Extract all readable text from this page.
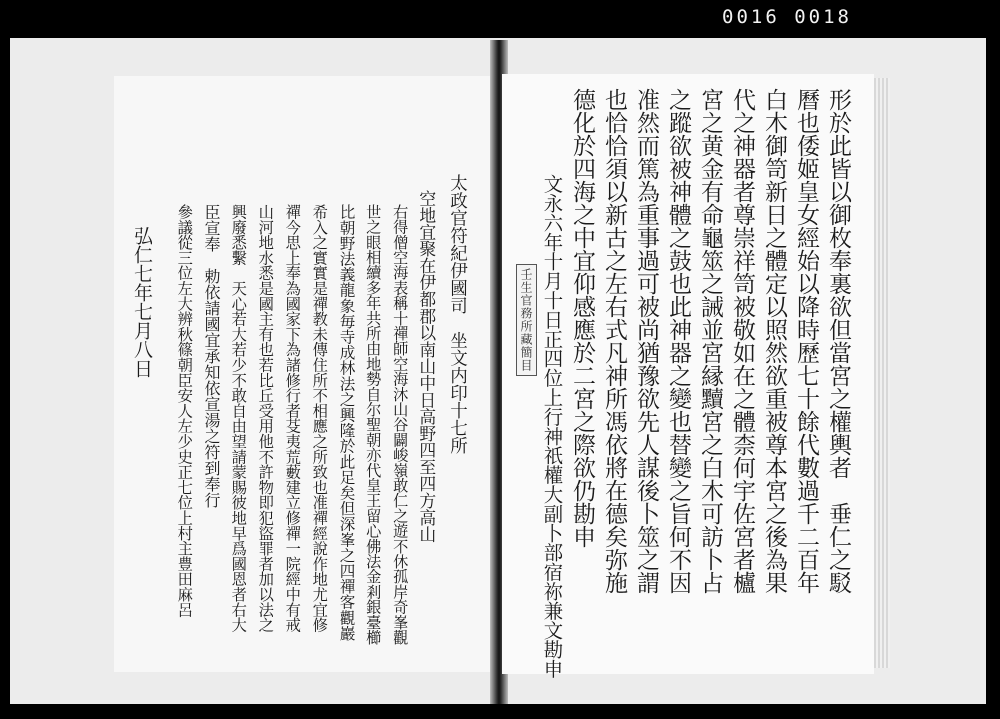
0016 0018
太政官符紀伊國司　坐文内印十七所
空地宜聚在伊都郡以南山中日高野四至四方高山
右得僧空海表稱十禪師空海沐山谷闢峻嶺敢仁之遊不休孤岸奇峯觀
世之眼相續多年共所由地勢自尔聖朝亦代皇王留心佛法金剎銀臺櫛
比朝野法義龍象毎寺成林法之興隆於此足矣但深峯之四禪客觀巖
希入之實實是禪教未傳住所不相應之所致也准禪經說作地尤宜修
禪今思上奉為國家下為諸修行者芟夷荒藪建立修禪一院經中有戒
山河地水悉是國主有也若比丘受用他不許物即犯盜罪者加以法之
興廢悉繫　天心若大若少不敢自由望請蒙賜彼地早爲國恩者右大
臣宣奉　勅依請國宜承知依宣湯之符到奉行
參議從三位左大辨秋篠朝臣安人左少史正七位上村主豊田麻呂
弘仁七年七月八日	形於此皆以御枚奉裏欲但當宮之權輿者　垂仁之駁
曆也倭姬皇女經始以降時歷七十餘代數過千二百年
白木御笥新日之體定以照然欲重被尊本宮之後為果
代之神器者尊崇祥笥被敬如在之體柰何宇佐宮者櫨
宮之黄金有命龜筮之誡並宮縁黷宮之白木可訪卜占
之蹤欲被神體之鼓也此神器之變也替變之旨何不因
准然而篤為重事過可被尚猶豫欲先人謀後卜筮之謂
也恰恰須以新古之左右式凡神所馮依將在德矣弥施
德化於四海之中宜仰感應於二宮之際欲仍勘申
文永六年十月十日正四位上行神祇權大副卜部宿祢兼文勘申
壬生官務所藏簡目
